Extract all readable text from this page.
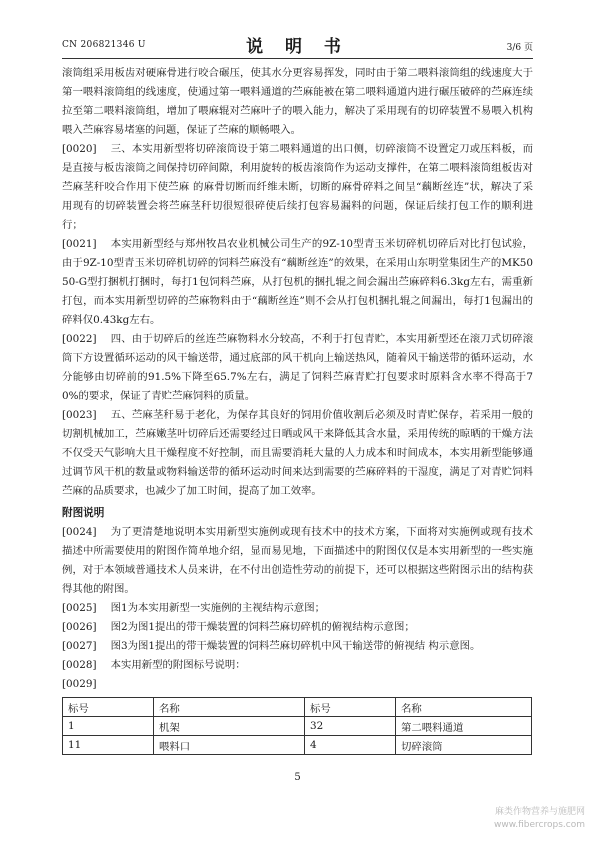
CN 206821346 U	说 明 书	3/6 页

滚筒组采用板齿对硬麻骨进行咬合碾压，使其水分更容易挥发，同时由于第二喂料滚筒组的线速度大于第一喂料滚筒组的线速度，使通过第一喂料通道的苎麻能被在第二喂料通道内进行碾压破碎的苎麻连续拉至第二喂料滚筒组，增加了喂麻辊对苎麻叶子的喂入能力，解决了采用现有的切碎装置不易喂入机构喂入苎麻容易堵塞的问题，保证了苎麻的顺畅喂入。

[0020] 三、本实用新型将切碎滚筒设于第二喂料通道的出口侧，切碎滚筒不设置定刀或压料板，而是直接与板齿滚筒之间保持切碎间隙，利用旋转的板齿滚筒作为运动支撑件，在第二喂料滚筒组板齿对苎麻茎秆咬合作用下使苎麻 的麻骨切断而纤维未断，切断的麻骨碎料之间呈“藕断丝连”状，解决了采用现有的切碎装置会将苎麻茎秆切很短很碎使后续打包容易漏料的问题，保证后续打包工作的顺利进行；

[0021] 本实用新型经与郑州牧昌农业机械公司生产的9Z-10型青玉米切碎机切碎后对比打包试验，由于9Z-10型青玉米切碎机切碎的饲料苎麻没有“藕断丝连”的效果，在采用山东明堂集团生产的MK5050-G型打捆机打捆时，每打1包饲料苎麻，从打包机的捆扎辊之间会漏出苎麻碎料6.3kg左右，需重新打包，而本实用新型切碎的苎麻物料由于“藕断丝连”则不会从打包机捆扎辊之间漏出，每打1包漏出的碎料仅0.43kg左右。

[0022] 四、由于切碎后的丝连苎麻物料水分较高，不利于打包青贮，本实用新型还在滚刀式切碎滚筒下方设置循环运动的风干输送带，通过底部的风干机向上输送热风，随着风干输送带的循环运动，水分能够由切碎前的91.5%下降至65.7%左右，满足了饲料苎麻青贮打包要求时原料含水率不得高于70%的要求，保证了青贮苎麻饲料的质量。

[0023] 五、苎麻茎秆易于老化，为保存其良好的饲用价值收割后必须及时青贮保存，若采用一般的切割机械加工，苎麻嫩茎叶切碎后还需要经过日晒或风干来降低其含水量，采用传统的晾晒的干燥方法不仅受天气影响大且干燥程度不好控制，而且需要消耗大量的人力成本和时间成本，本实用新型能够通过调节风干机的数量或物料输送带的循环运动时间来达到需要的苎麻碎料的干湿度，满足了对青贮饲料苎麻的品质要求，也减少了加工时间，提高了加工效率。

附图说明

[0024] 为了更清楚地说明本实用新型实施例或现有技术中的技术方案，下面将对实施例或现有技术描述中所需要使用的附图作简单地介绍，显而易见地，下面描述中的附图仅仅是本实用新型的一些实施例，对于本领域普通技术人员来讲，在不付出创造性劳动的前提下，还可以根据这些附图示出的结构获得其他的附图。

[0025] 图1为本实用新型一实施例的主视结构示意图；

[0026] 图2为图1提出的带干燥装置的饲料苎麻切碎机的俯视结构示意图；

[0027] 图3为图1提出的带干燥装置的饲料苎麻切碎机中风干输送带的俯视结 构示意图。

[0028] 本实用新型的附图标号说明：

[0029]

标号	名称	标号	名称
1	机架	32	第二喂料通道
11	喂料口	4	切碎滚筒
5
麻类作物营养与施肥网
www.fibercrops.com
